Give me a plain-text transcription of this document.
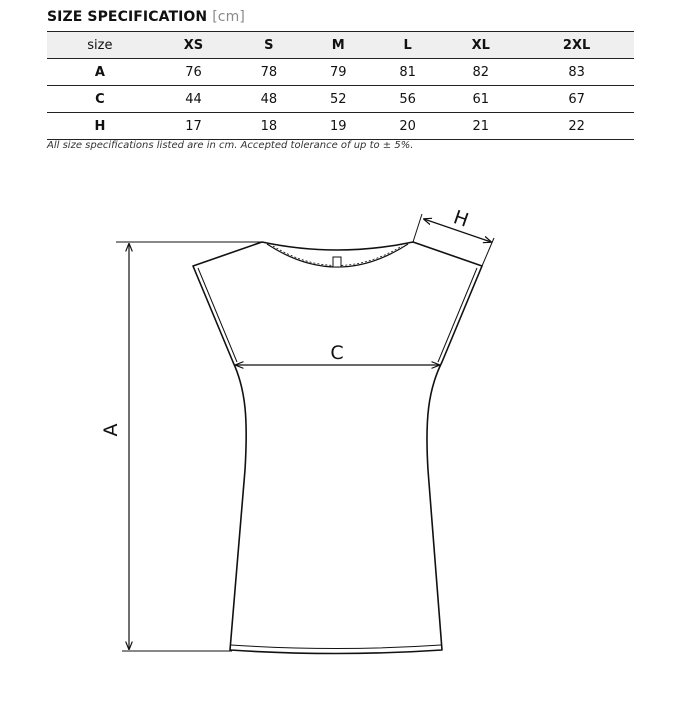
SIZE SPECIFICATION [cm]
size	XS	S	M	L	XL	2XL
A	76	78	79	81	82	83
C	44	48	52	56	61	67
H	17	18	19	20	21	22
All size specifications listed are in cm. Accepted tolerance of up to ± 5%.
A
C
H
